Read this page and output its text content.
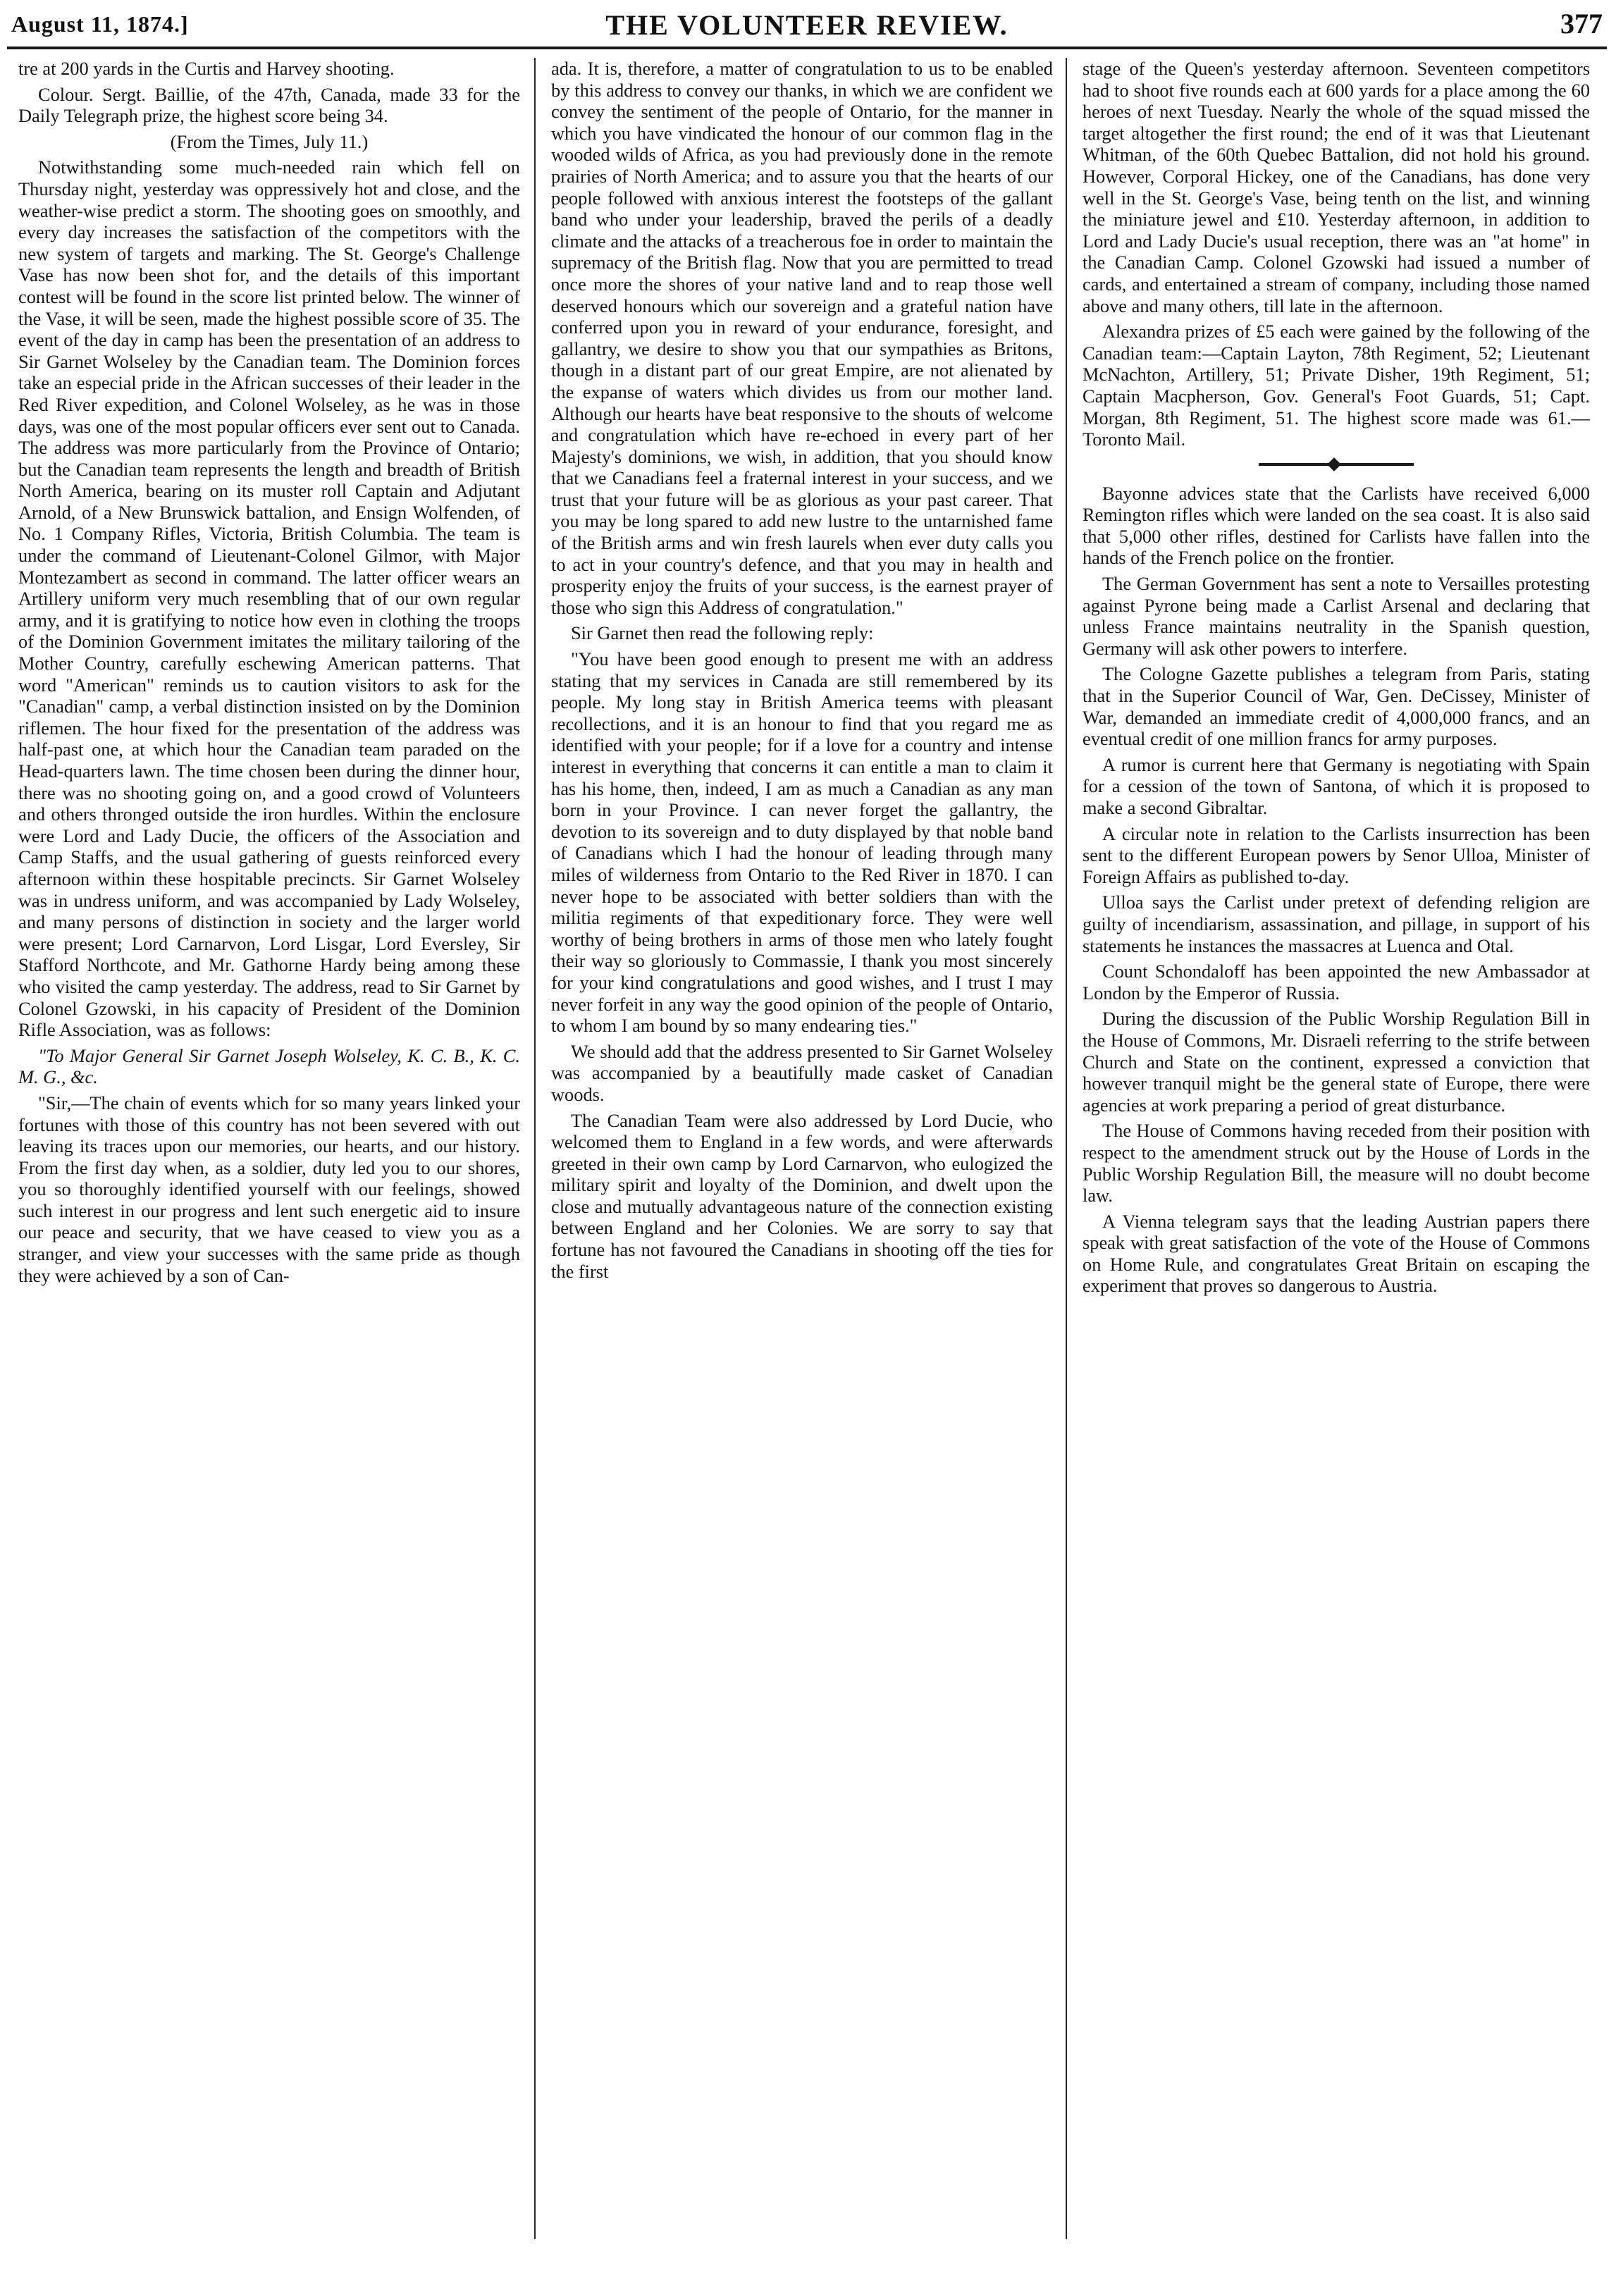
August 11, 1874.]	THE VOLUNTEER REVIEW.	377

tre at 200 yards in the Curtis and Harvey shooting.

Colour. Sergt. Baillie, of the 47th, Canada, made 33 for the Daily Telegraph prize, the highest score being 34.

(From the Times, July 11.)

Notwithstanding some much-needed rain which fell on Thursday night, yesterday was oppressively hot and close, and the weather-wise predict a storm. The shooting goes on smoothly, and every day increases the satisfaction of the competitors with the new system of targets and marking. The St. George's Challenge Vase has now been shot for, and the details of this important contest will be found in the score list printed below. The winner of the Vase, it will be seen, made the highest possible score of 35. The event of the day in camp has been the presentation of an address to Sir Garnet Wolseley by the Canadian team. The Dominion forces take an especial pride in the African successes of their leader in the Red River expedition, and Colonel Wolseley, as he was in those days, was one of the most popular officers ever sent out to Canada. The address was more particularly from the Province of Ontario; but the Canadian team represents the length and breadth of British North America, bearing on its muster roll Captain and Adjutant Arnold, of a New Brunswick battalion, and Ensign Wolfenden, of No. 1 Company Rifles, Victoria, British Columbia. The team is under the command of Lieutenant-Colonel Gilmor, with Major Montezambert as second in command. The latter officer wears an Artillery uniform very much resembling that of our own regular army, and it is gratifying to notice how even in clothing the troops of the Dominion Government imitates the military tailoring of the Mother Country, carefully eschewing American patterns. That word "American" reminds us to caution visitors to ask for the "Canadian" camp, a verbal distinction insisted on by the Dominion riflemen. The hour fixed for the presentation of the address was half-past one, at which hour the Canadian team paraded on the Head-quarters lawn. The time chosen been during the dinner hour, there was no shooting going on, and a good crowd of Volunteers and others thronged outside the iron hurdles. Within the enclosure were Lord and Lady Ducie, the officers of the Association and Camp Staffs, and the usual gathering of guests reinforced every afternoon within these hospitable precincts. Sir Garnet Wolseley was in undress uniform, and was accompanied by Lady Wolseley, and many persons of distinction in society and the larger world were present; Lord Carnarvon, Lord Lisgar, Lord Eversley, Sir Stafford Northcote, and Mr. Gathorne Hardy being among these who visited the camp yesterday. The address, read to Sir Garnet by Colonel Gzowski, in his capacity of President of the Dominion Rifle Association, was as follows:

"To Major General Sir Garnet Joseph Wolseley, K. C. B., K. C. M. G., &c.

"Sir,—The chain of events which for so many years linked your fortunes with those of this country has not been severed with out leaving its traces upon our memories, our hearts, and our history. From the first day when, as a soldier, duty led you to our shores, you so thoroughly identified yourself with our feelings, showed such interest in our progress and lent such energetic aid to insure our peace and security, that we have ceased to view you as a stranger, and view your successes with the same pride as though they were achieved by a son of Can-

ada. It is, therefore, a matter of congratulation to us to be enabled by this address to convey our thanks, in which we are confident we convey the sentiment of the people of Ontario, for the manner in which you have vindicated the honour of our common flag in the wooded wilds of Africa, as you had previously done in the remote prairies of North America; and to assure you that the hearts of our people followed with anxious interest the footsteps of the gallant band who under your leadership, braved the perils of a deadly climate and the attacks of a treacherous foe in order to maintain the supremacy of the British flag. Now that you are permitted to tread once more the shores of your native land and to reap those well deserved honours which our sovereign and a grateful nation have conferred upon you in reward of your endurance, foresight, and gallantry, we desire to show you that our sympathies as Britons, though in a distant part of our great Empire, are not alienated by the expanse of waters which divides us from our mother land. Although our hearts have beat responsive to the shouts of welcome and congratulation which have re-echoed in every part of her Majesty's dominions, we wish, in addition, that you should know that we Canadians feel a fraternal interest in your success, and we trust that your future will be as glorious as your past career. That you may be long spared to add new lustre to the untarnished fame of the British arms and win fresh laurels when ever duty calls you to act in your country's defence, and that you may in health and prosperity enjoy the fruits of your success, is the earnest prayer of those who sign this Address of congratulation."

Sir Garnet then read the following reply:

"You have been good enough to present me with an address stating that my services in Canada are still remembered by its people. My long stay in British America teems with pleasant recollections, and it is an honour to find that you regard me as identified with your people; for if a love for a country and intense interest in everything that concerns it can entitle a man to claim it has his home, then, indeed, I am as much a Canadian as any man born in your Province. I can never forget the gallantry, the devotion to its sovereign and to duty displayed by that noble band of Canadians which I had the honour of leading through many miles of wilderness from Ontario to the Red River in 1870. I can never hope to be associated with better soldiers than with the militia regiments of that expeditionary force. They were well worthy of being brothers in arms of those men who lately fought their way so gloriously to Commassie, I thank you most sincerely for your kind congratulations and good wishes, and I trust I may never forfeit in any way the good opinion of the people of Ontario, to whom I am bound by so many endearing ties."

We should add that the address presented to Sir Garnet Wolseley was accompanied by a beautifully made casket of Canadian woods.

The Canadian Team were also addressed by Lord Ducie, who welcomed them to England in a few words, and were afterwards greeted in their own camp by Lord Carnarvon, who eulogized the military spirit and loyalty of the Dominion, and dwelt upon the close and mutually advantageous nature of the connection existing between England and her Colonies. We are sorry to say that fortune has not favoured the Canadians in shooting off the ties for the first

stage of the Queen's yesterday afternoon. Seventeen competitors had to shoot five rounds each at 600 yards for a place among the 60 heroes of next Tuesday. Nearly the whole of the squad missed the target altogether the first round; the end of it was that Lieutenant Whitman, of the 60th Quebec Battalion, did not hold his ground. However, Corporal Hickey, one of the Canadians, has done very well in the St. George's Vase, being tenth on the list, and winning the miniature jewel and £10. Yesterday afternoon, in addition to Lord and Lady Ducie's usual reception, there was an "at home" in the Canadian Camp. Colonel Gzowski had issued a number of cards, and entertained a stream of company, including those named above and many others, till late in the afternoon.

Alexandra prizes of £5 each were gained by the following of the Canadian team:—Captain Layton, 78th Regiment, 52; Lieutenant McNachton, Artillery, 51; Private Disher, 19th Regiment, 51; Captain Macpherson, Gov. General's Foot Guards, 51; Capt. Morgan, 8th Regiment, 51. The highest score made was 61.—Toronto Mail.

Bayonne advices state that the Carlists have received 6,000 Remington rifles which were landed on the sea coast. It is also said that 5,000 other rifles, destined for Carlists have fallen into the hands of the French police on the frontier.

The German Government has sent a note to Versailles protesting against Pyrone being made a Carlist Arsenal and declaring that unless France maintains neutrality in the Spanish question, Germany will ask other powers to interfere.

The Cologne Gazette publishes a telegram from Paris, stating that in the Superior Council of War, Gen. DeCissey, Minister of War, demanded an immediate credit of 4,000,000 francs, and an eventual credit of one million francs for army purposes.

A rumor is current here that Germany is negotiating with Spain for a cession of the town of Santona, of which it is proposed to make a second Gibraltar.

A circular note in relation to the Carlists insurrection has been sent to the different European powers by Senor Ulloa, Minister of Foreign Affairs as published to-day.

Ulloa says the Carlist under pretext of defending religion are guilty of incendiarism, assassination, and pillage, in support of his statements he instances the massacres at Luenca and Otal.

Count Schondaloff has been appointed the new Ambassador at London by the Emperor of Russia.

During the discussion of the Public Worship Regulation Bill in the House of Commons, Mr. Disraeli referring to the strife between Church and State on the continent, expressed a conviction that however tranquil might be the general state of Europe, there were agencies at work preparing a period of great disturbance.

The House of Commons having receded from their position with respect to the amendment struck out by the House of Lords in the Public Worship Regulation Bill, the measure will no doubt become law.

A Vienna telegram says that the leading Austrian papers there speak with great satisfaction of the vote of the House of Commons on Home Rule, and congratulates Great Britain on escaping the experiment that proves so dangerous to Austria.
